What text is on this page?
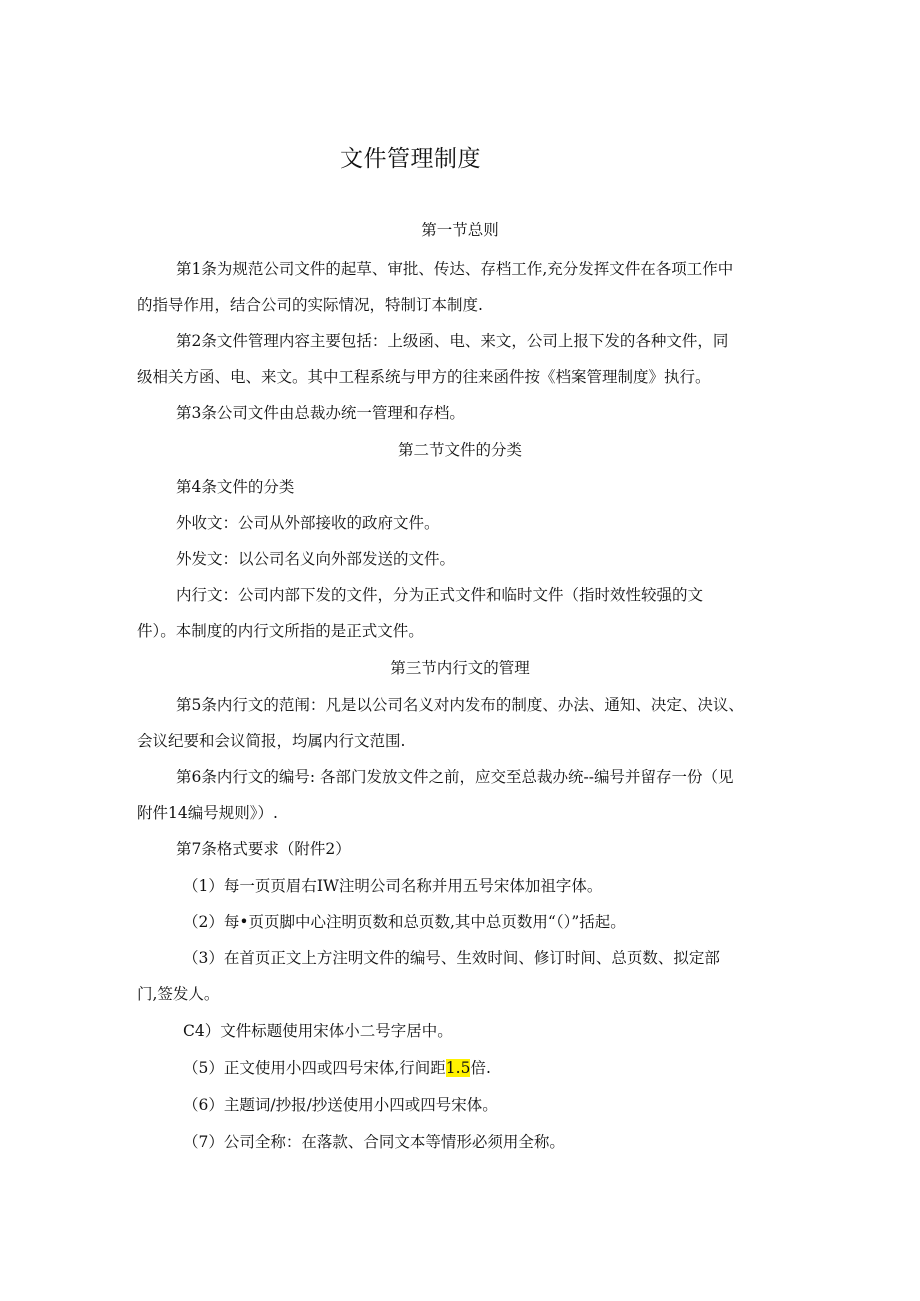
文件管理制度

第一节总则

第1条为规范公司文件的起草、审批、传达、存档工作,充分发挥文件在各项工作中

的指导作用，结合公司的实际情况，特制订本制度.

第2条文件管理内容主要包括：上级函、电、来文，公司上报下发的各种文件，同

级相关方函、电、来文。其中工程系统与甲方的往来函件按《档案管理制度》执行。

第3条公司文件由总裁办统一管理和存档。

第二节文件的分类

第4条文件的分类

外收文：公司从外部接收的政府文件。

外发文：以公司名义向外部发送的文件。

内行文：公司内部下发的文件，分为正式文件和临时文件（指时效性较强的文

件）。本制度的内行文所指的是正式文件。

第三节内行文的管理

第5条内行文的范闱：凡是以公司名义对内发布的制度、办法、通知、决定、决议、

会议纪要和会议简报，均属内行文范围.

第6条内行文的编号: 各部门发放文件之前，应交至总裁办统--编号并留存一份（见

附件14编号规则》）.

第7条格式要求（附件2）

（1）每一页页眉右IW注明公司名称并用五号宋体加祖字体。

（2）每•页页脚中心注明页数和总页数,其中总页数用“（）”括起。

（3）在首页正文上方注明文件的编号、生效时间、修订时间、总页数、拟定部

门,签发人。

C4）文件标题使用宋体小二号字居中。

（5）正文使用小四或四号宋体,行间距1.5倍.

（6）主题词/抄报/抄送使用小四或四号宋体。

（7）公司全称：在落款、合同文本等情形必须用全称。
